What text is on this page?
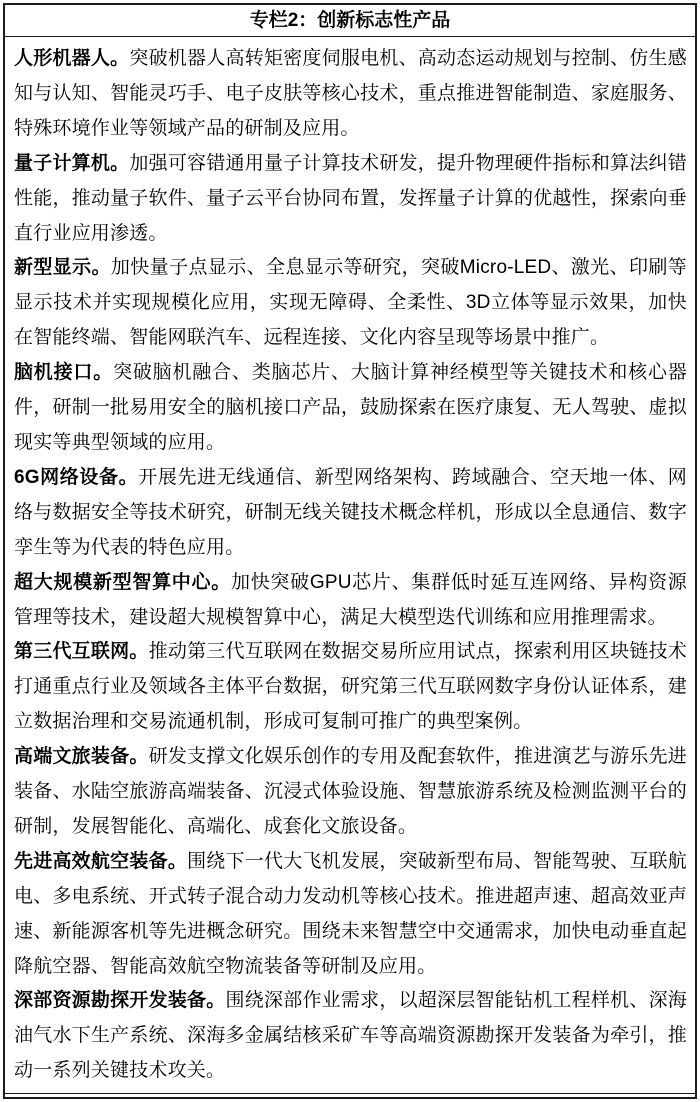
专栏2：创新标志性产品

人形机器人。突破机器人高转矩密度伺服电机、高动态运动规划与控制、仿生感知与认知、智能灵巧手、电子皮肤等核心技术，重点推进智能制造、家庭服务、特殊环境作业等领域产品的研制及应用。

量子计算机。加强可容错通用量子计算技术研发，提升物理硬件指标和算法纠错性能，推动量子软件、量子云平台协同布置，发挥量子计算的优越性，探索向垂直行业应用渗透。

新型显示。加快量子点显示、全息显示等研究，突破Micro-LED、激光、印刷等显示技术并实现规模化应用，实现无障碍、全柔性、3D立体等显示效果，加快在智能终端、智能网联汽车、远程连接、文化内容呈现等场景中推广。

脑机接口。突破脑机融合、类脑芯片、大脑计算神经模型等关键技术和核心器件，研制一批易用安全的脑机接口产品，鼓励探索在医疗康复、无人驾驶、虚拟现实等典型领域的应用。

6G网络设备。开展先进无线通信、新型网络架构、跨域融合、空天地一体、网络与数据安全等技术研究，研制无线关键技术概念样机，形成以全息通信、数字孪生等为代表的特色应用。

超大规模新型智算中心。加快突破GPU芯片、集群低时延互连网络、异构资源管理等技术，建设超大规模智算中心，满足大模型迭代训练和应用推理需求。

第三代互联网。推动第三代互联网在数据交易所应用试点，探索利用区块链技术打通重点行业及领域各主体平台数据，研究第三代互联网数字身份认证体系，建立数据治理和交易流通机制，形成可复制可推广的典型案例。

高端文旅装备。研发支撑文化娱乐创作的专用及配套软件，推进演艺与游乐先进装备、水陆空旅游高端装备、沉浸式体验设施、智慧旅游系统及检测监测平台的研制，发展智能化、高端化、成套化文旅设备。

先进高效航空装备。围绕下一代大飞机发展，突破新型布局、智能驾驶、互联航电、多电系统、开式转子混合动力发动机等核心技术。推进超声速、超高效亚声速、新能源客机等先进概念研究。围绕未来智慧空中交通需求，加快电动垂直起降航空器、智能高效航空物流装备等研制及应用。

深部资源勘探开发装备。围绕深部作业需求，以超深层智能钻机工程样机、深海油气水下生产系统、深海多金属结核采矿车等高端资源勘探开发装备为牵引，推动一系列关键技术攻关。
